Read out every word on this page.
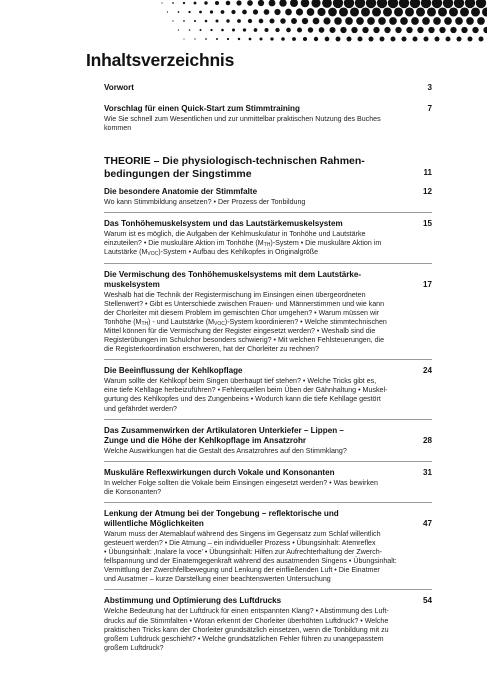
Inhaltsverzeichnis
Vorwort	3
Vorschlag für einen Quick-Start zum Stimmtraining	7
Wie Sie schnell zum Wesentlichen und zur unmittelbar praktischen Nutzung des Buches
kommen
THEORIE – Die physiologisch-technischen Rahmen-
bedingungen der Singstimme	11
Die besondere Anatomie der Stimmfalte	12
Wo kann Stimmbildung ansetzen? • Der Prozess der Tonbildung
Das Tonhöhemuskelsystem und das Lautstärkemuskelsystem	15
Warum ist es möglich, die Aufgaben der Kehlmuskulatur in Tonhöhe und Lautstärke
einzuteilen? • Die muskuläre Aktion im Tonhöhe $(M_{TH})$-System • Die muskuläre Aktion im
Lautstärke $(M_{VOC})$-System • Aufbau des Kehlkopfes in Originalgröße
Die Vermischung des Tonhöhemuskelsystems mit dem Lautstärke-
muskelsystem	17
Weshalb hat die Technik der Registermischung im Einsingen einen übergeordneten
Stellenwert? • Gibt es Unterschiede zwischen Frauen- und Männerstimmen und wie kann
der Chorleiter mit diesem Problem im gemischten Chor umgehen? • Warum müssen wir
Tonhöhe $(M_{TH})$ - und Lautstärke $(M_{VOC})$-System koordinieren? • Welche stimmtechnischen
Mittel können für die Vermischung der Register eingesetzt werden? • Weshalb sind die
Registerübungen im Schulchor besonders schwierig? • Mit welchen Fehlsteuerungen, die
die Registerkoordination erschweren, hat der Chorleiter zu rechnen?
Die Beeinflussung der Kehlkopflage	24
Warum sollte der Kehlkopf beim Singen überhaupt tief stehen? • Welche Tricks gibt es,
eine tiefe Kehllage herbeizuführen? • Fehlerquellen beim Üben der Gähnhaltung • Muskel-
gurtung des Kehlkopfes und des Zungenbeins • Wodurch kann die tiefe Kehllage gestört
und gefährdet werden?
Das Zusammenwirken der Artikulatoren Unterkiefer – Lippen –
Zunge und die Höhe der Kehlkopflage im Ansatzrohr	28
Welche Auswirkungen hat die Gestalt des Ansatzrohres auf den Stimmklang?
Muskuläre Reflexwirkungen durch Vokale und Konsonanten	31
In welcher Folge sollten die Vokale beim Einsingen eingesetzt werden? • Was bewirken
die Konsonanten?
Lenkung der Atmung bei der Tongebung – reflektorische und
willentliche Möglichkeiten	47
Warum muss der Atemablauf während des Singens im Gegensatz zum Schlaf willentlich
gesteuert werden? • Die Atmung – ein individueller Prozess • Übungsinhalt: Atemreflex
• Übungsinhalt: ‚Inalare la voce' • Übungsinhalt: Hilfen zur Aufrechterhaltung der Zwerch-
fellspannung und der Einatemgegenkraft während des ausatmenden Singens • Übungsinhalt:
Vermittlung der Zwerchfellbewegung und Lenkung der einfließenden Luft • Die Einatmer
und Ausatmer – kurze Darstellung einer beachtenswerten Untersuchung
Abstimmung und Optimierung des Luftdrucks	54
Welche Bedeutung hat der Luftdruck für einen entspannten Klang? • Abstimmung des Luft-
drucks auf die Stimmfalten • Woran erkennt der Chorleiter überhöhten Luftdruck? • Welche
praktischen Tricks kann der Chorleiter grundsätzlich einsetzen, wenn die Tonbildung mit zu
großem Luftdruck geschieht? • Welche grundsätzlichen Fehler führen zu unangepasstem
großem Luftdruck?
